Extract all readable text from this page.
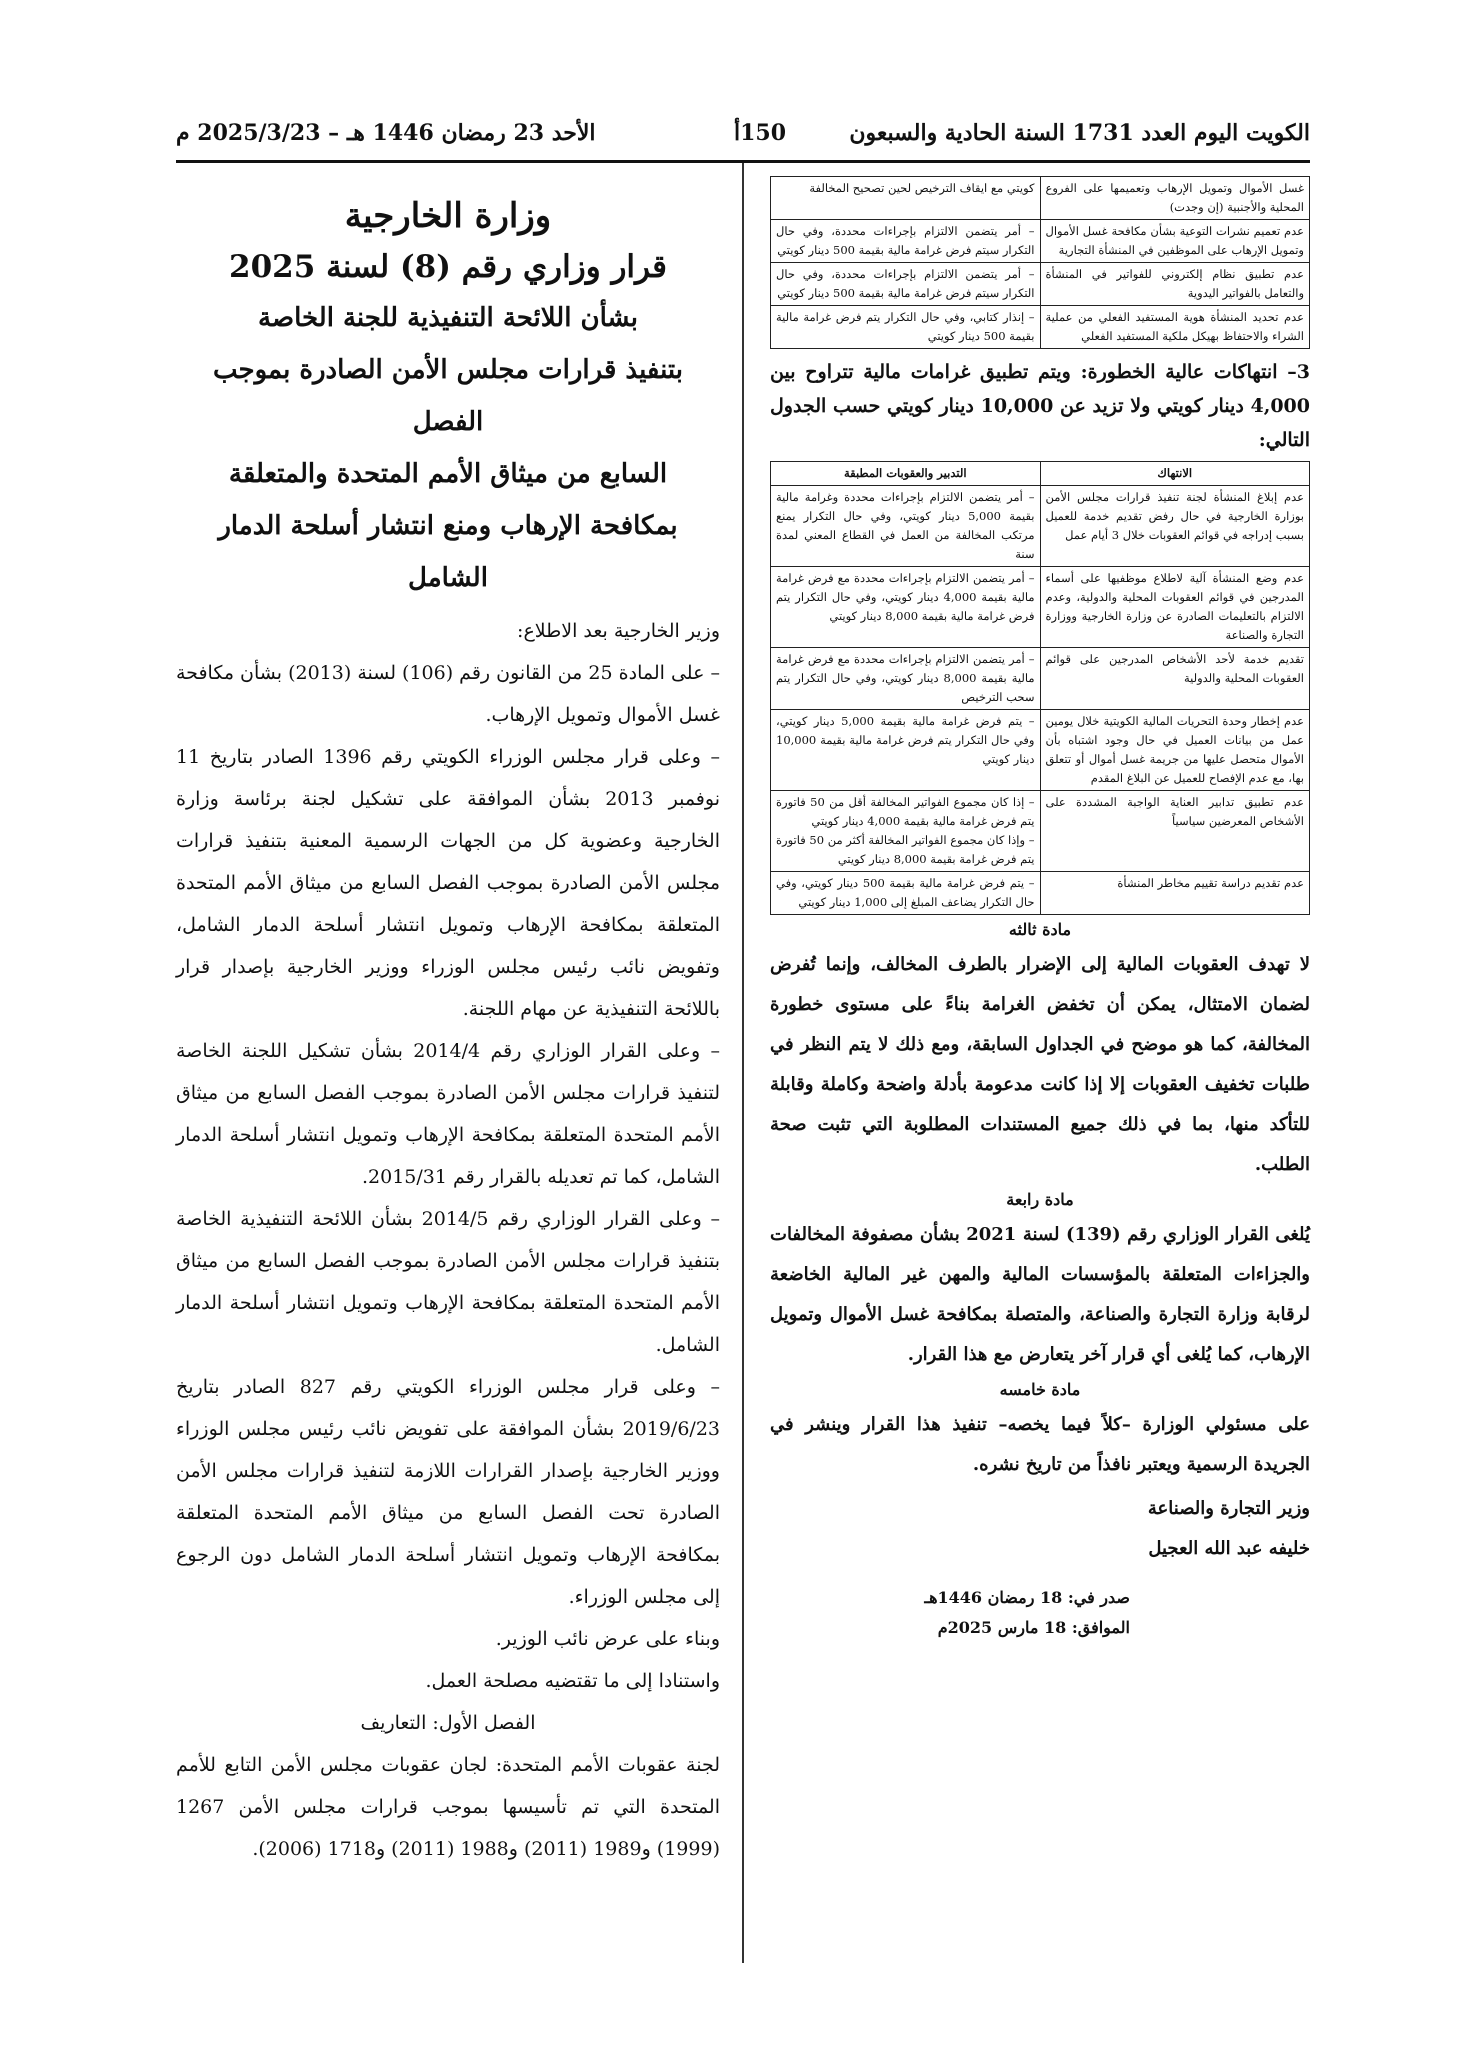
الكويت اليوم العدد 1731 السنة الحادية والسبعون
150أ
الأحد 23 رمضان 1446 هـ – 2025/3/23 م
وزارة الخارجية
قرار وزاري رقم (8) لسنة 2025
بشأن اللائحة التنفيذية للجنة الخاصة
بتنفيذ قرارات مجلس الأمن الصادرة بموجب الفصل
السابع من ميثاق الأمم المتحدة والمتعلقة
بمكافحة الإرهاب ومنع انتشار أسلحة الدمار الشامل

وزير الخارجية بعد الاطلاع:

– على المادة 25 من القانون رقم (106) لسنة (2013) بشأن مكافحة غسل الأموال وتمويل الإرهاب.

– وعلى قرار مجلس الوزراء الكويتي رقم 1396 الصادر بتاريخ 11 نوفمبر 2013 بشأن الموافقة على تشكيل لجنة برئاسة وزارة الخارجية وعضوية كل من الجهات الرسمية المعنية بتنفيذ قرارات مجلس الأمن الصادرة بموجب الفصل السابع من ميثاق الأمم المتحدة المتعلقة بمكافحة الإرهاب وتمويل انتشار أسلحة الدمار الشامل، وتفويض نائب رئيس مجلس الوزراء ووزير الخارجية بإصدار قرار باللائحة التنفيذية عن مهام اللجنة.

– وعلى القرار الوزاري رقم 2014/4 بشأن تشكيل اللجنة الخاصة لتنفيذ قرارات مجلس الأمن الصادرة بموجب الفصل السابع من ميثاق الأمم المتحدة المتعلقة بمكافحة الإرهاب وتمويل انتشار أسلحة الدمار الشامل، كما تم تعديله بالقرار رقم 2015/31.

– وعلى القرار الوزاري رقم 2014/5 بشأن اللائحة التنفيذية الخاصة بتنفيذ قرارات مجلس الأمن الصادرة بموجب الفصل السابع من ميثاق الأمم المتحدة المتعلقة بمكافحة الإرهاب وتمويل انتشار أسلحة الدمار الشامل.

– وعلى قرار مجلس الوزراء الكويتي رقم 827 الصادر بتاريخ 2019/6/23 بشأن الموافقة على تفويض نائب رئيس مجلس الوزراء ووزير الخارجية بإصدار القرارات اللازمة لتنفيذ قرارات مجلس الأمن الصادرة تحت الفصل السابع من ميثاق الأمم المتحدة المتعلقة بمكافحة الإرهاب وتمويل انتشار أسلحة الدمار الشامل دون الرجوع إلى مجلس الوزراء.

وبناء على عرض نائب الوزير.

واستنادا إلى ما تقتضيه مصلحة العمل.

الفصل الأول: التعاريف

لجنة عقوبات الأمم المتحدة: لجان عقوبات مجلس الأمن التابع للأمم المتحدة التي تم تأسيسها بموجب قرارات مجلس الأمن 1267 (1999) و1989 (2011) و1988 (2011) و1718 (2006).

غسل الأموال وتمويل الإرهاب وتعميمها على الفروع المحلية والأجنبية (إن وجدت)	كويتي مع ايقاف الترخيص لحين تصحيح المخالفة
عدم تعميم نشرات التوعية بشأن مكافحة غسل الأموال وتمويل الإرهاب على الموظفين في المنشأة التجارية	– أمر يتضمن الالتزام بإجراءات محددة، وفي حال التكرار سيتم فرض غرامة مالية بقيمة 500 دينار كويتي
عدم تطبيق نظام إلكتروني للفواتير في المنشأة والتعامل بالفواتير اليدوية	– أمر يتضمن الالتزام بإجراءات محددة، وفي حال التكرار سيتم فرض غرامة مالية بقيمة 500 دينار كويتي
عدم تحديد المنشأة هوية المستفيد الفعلي من عملية الشراء والاحتفاظ بهيكل ملكية المستفيد الفعلي	– إنذار كتابي، وفي حال التكرار يتم فرض غرامة مالية بقيمة 500 دينار كويتي
3– انتهاكات عالية الخطورة: ويتم تطبيق غرامات مالية تتراوح بين 4,000 دينار كويتي ولا تزيد عن 10,000 دينار كويتي حسب الجدول التالي:
الانتهاك	التدبير والعقوبات المطبقة
عدم إبلاغ المنشأة لجنة تنفيذ قرارات مجلس الأمن بوزارة الخارجية في حال رفض تقديم خدمة للعميل بسبب إدراجه في قوائم العقوبات خلال 3 أيام عمل	– أمر يتضمن الالتزام بإجراءات محددة وغرامة مالية بقيمة 5,000 دينار كويتي، وفي حال التكرار يمنع مرتكب المخالفة من العمل في القطاع المعني لمدة سنة
عدم وضع المنشأة آلية لاطلاع موظفيها على أسماء المدرجين في قوائم العقوبات المحلية والدولية، وعدم الالتزام بالتعليمات الصادرة عن وزارة الخارجية ووزارة التجارة والصناعة	– أمر يتضمن الالتزام بإجراءات محددة مع فرض غرامة مالية بقيمة 4,000 دينار كويتي، وفي حال التكرار يتم فرض غرامة مالية بقيمة 8,000 دينار كويتي
تقديم خدمة لأحد الأشخاص المدرجين على قوائم العقوبات المحلية والدولية	– أمر يتضمن الالتزام بإجراءات محددة مع فرض غرامة مالية بقيمة 8,000 دينار كويتي، وفي حال التكرار يتم سحب الترخيص
عدم إخطار وحدة التحريات المالية الكويتية خلال يومين عمل من بيانات العميل في حال وجود اشتباه بأن الأموال متحصل عليها من جريمة غسل أموال أو تتعلق بها، مع عدم الإفصاح للعميل عن البلاغ المقدم	– يتم فرض غرامة مالية بقيمة 5,000 دينار كويتي، وفي حال التكرار يتم فرض غرامة مالية بقيمة 10,000 دينار كويتي
عدم تطبيق تدابير العناية الواجبة المشددة على الأشخاص المعرضين سياسياً	– إذا كان مجموع الفواتير المخالفة أقل من 50 فاتورة يتم فرض غرامة مالية بقيمة 4,000 دينار كويتي
– وإذا كان مجموع الفواتير المخالفة أكثر من 50 فاتورة يتم فرض غرامة بقيمة 8,000 دينار كويتي
عدم تقديم دراسة تقييم مخاطر المنشأة	– يتم فرض غرامة مالية بقيمة 500 دينار كويتي، وفي حال التكرار يضاعف المبلغ إلى 1,000 دينار كويتي
مادة ثالثه
لا تهدف العقوبات المالية إلى الإضرار بالطرف المخالف، وإنما تُفرض لضمان الامتثال، يمكن أن تخفض الغرامة بناءً على مستوى خطورة المخالفة، كما هو موضح في الجداول السابقة، ومع ذلك لا يتم النظر في طلبات تخفيف العقوبات إلا إذا كانت مدعومة بأدلة واضحة وكاملة وقابلة للتأكد منها، بما في ذلك جميع المستندات المطلوبة التي تثبت صحة الطلب.
مادة رابعة
يُلغى القرار الوزاري رقم (139) لسنة 2021 بشأن مصفوفة المخالفات والجزاءات المتعلقة بالمؤسسات المالية والمهن غير المالية الخاضعة لرقابة وزارة التجارة والصناعة، والمتصلة بمكافحة غسل الأموال وتمويل الإرهاب، كما يُلغى أي قرار آخر يتعارض مع هذا القرار.
مادة خامسه
على مسئولي الوزارة –كلاً فيما يخصه– تنفيذ هذا القرار وينشر في الجريدة الرسمية ويعتبر نافذاً من تاريخ نشره.
وزير التجارة والصناعة
خليفه عبد الله العجيل
صدر في: 18 رمضان 1446هـ
الموافق: 18 مارس 2025م
